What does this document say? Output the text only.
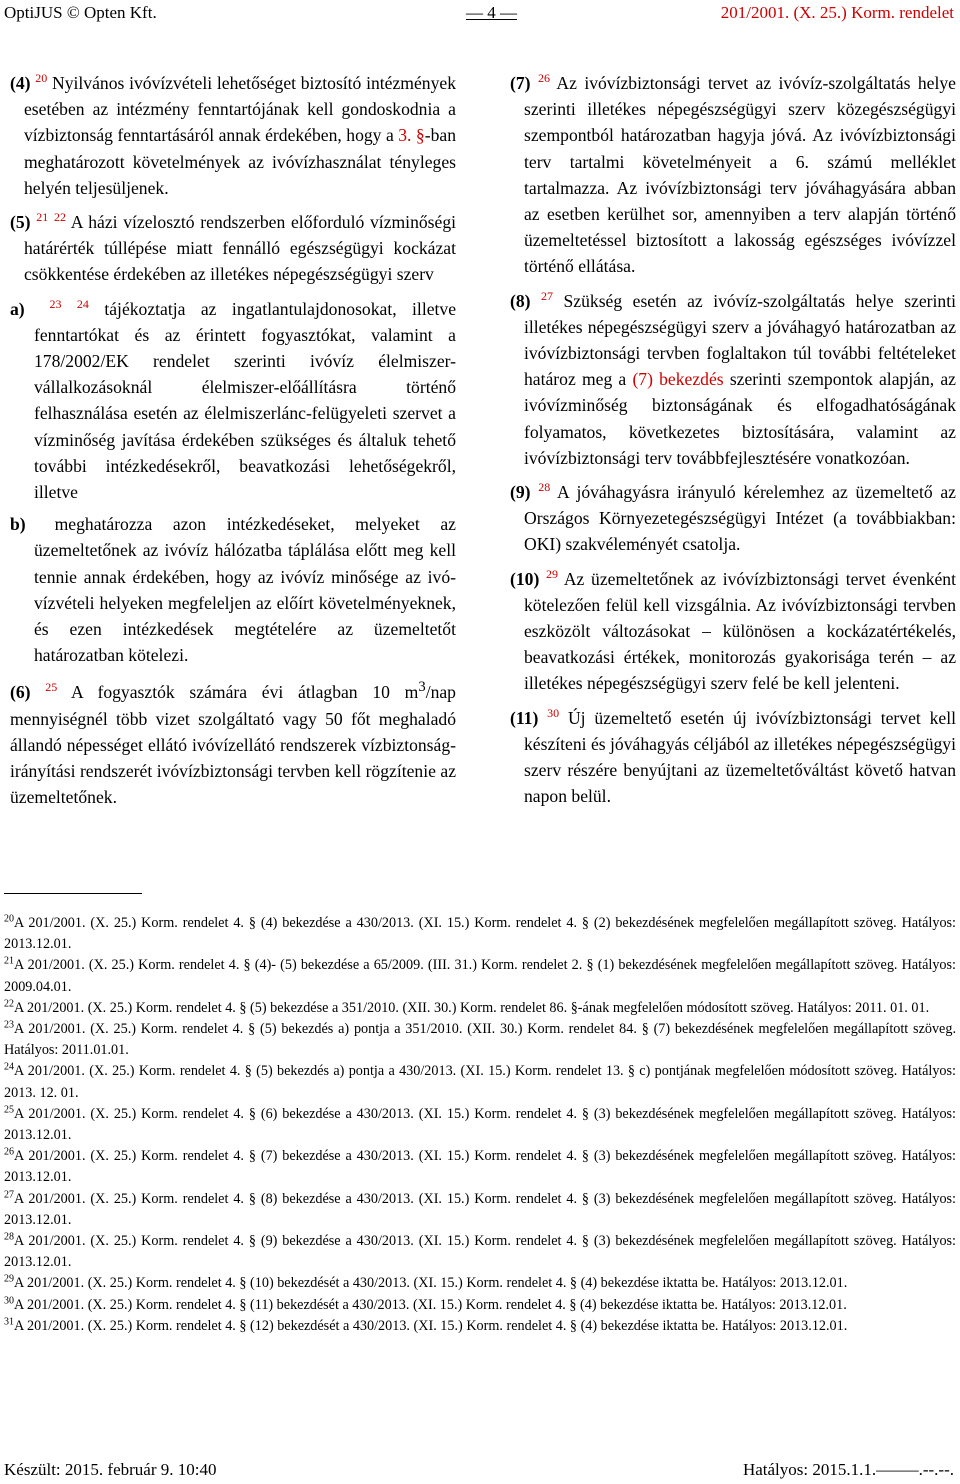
OptiJUS © Opten Kft.	— 4 —	201/2001. (X. 25.) Korm. rendelet

(4) $^{20}$ Nyilvános ivóvízvételi lehetőséget biztosító intézmények esetében az intézmény fenntartójának kell gondoskodnia a vízbiztonság fenntartásáról annak érdekében, hogy a 3. §-ban meghatározott követelmények az ivóvízhasználat tényleges helyén teljesüljenek.

(5) $^{21}$ $^{22}$ A házi vízelosztó rendszerben előforduló vízminőségi határérték túllépése miatt fennálló egészségügyi kockázat csökkentése érdekében az illetékes népegészségügyi szerv

a) $^{23}$ $^{24}$ tájékoztatja az ingatlantulajdonosokat, illetve fenntartókat és az érintett fogyasztókat, valamint a 178/2002/EK rendelet szerinti ivóvíz élelmiszer-vállalkozásoknál élelmiszer-előállításra történő felhasználása esetén az élelmiszerlánc-felügyeleti szervet a vízminőség javítása érdekében szükséges és általuk tehető további intézkedésekről, beavatkozási lehetőségekről, illetve

b) meghatározza azon intézkedéseket, melyeket az üzemeltetőnek az ivóvíz hálózatba táplálása előtt meg kell tennie annak érdekében, hogy az ivóvíz minősége az ivó-vízvételi helyeken megfeleljen az előírt követelményeknek, és ezen intézkedések megtételére az üzemeltetőt határozatban kötelezi.

(6) $^{25}$ A fogyasztók számára évi átlagban 10 $m^3$/nap mennyiségnél több vizet szolgáltató vagy 50 főt meghaladó állandó népességet ellátó ivóvízellátó rendszerek vízbiztonság-irányítási rendszerét ivóvízbiztonsági tervben kell rögzítenie az üzemeltetőnek.

(7) $^{26}$ Az ivóvízbiztonsági tervet az ivóvíz-szolgáltatás helye szerinti illetékes népegészségügyi szerv közegészségügyi szempontból határozatban hagyja jóvá. Az ivóvízbiztonsági terv tartalmi követelményeit a 6. számú melléklet tartalmazza. Az ivóvízbiztonsági terv jóváhagyására abban az esetben kerülhet sor, amennyiben a terv alapján történő üzemeltetéssel biztosított a lakosság egészséges ivóvízzel történő ellátása.

(8) $^{27}$ Szükség esetén az ivóvíz-szolgáltatás helye szerinti illetékes népegészségügyi szerv a jóváhagyó határozatban az ivóvízbiztonsági tervben foglaltakon túl további feltételeket határoz meg a (7) bekezdés szerinti szempontok alapján, az ivóvízminőség biztonságának és elfogadhatóságának folyamatos, következetes biztosítására, valamint az ivóvízbiztonsági terv továbbfejlesztésére vonatkozóan.

(9) $^{28}$ A jóváhagyásra irányuló kérelemhez az üzemeltető az Országos Környezetegészségügyi Intézet (a továbbiakban: OKI) szakvéleményét csatolja.

(10) $^{29}$ Az üzemeltetőnek az ivóvízbiztonsági tervet évenként kötelezően felül kell vizsgálnia. Az ivóvízbiztonsági tervben eszközölt változásokat – különösen a kockázatértékelés, beavatkozási értékek, monitorozás gyakorisága terén – az illetékes népegészségügyi szerv felé be kell jelenteni.

(11) $^{30}$ Új üzemeltető esetén új ivóvízbiztonsági tervet kell készíteni és jóváhagyás céljából az illetékes népegészségügyi szerv részére benyújtani az üzemeltetőváltást követő hatvan napon belül.

$^{20}$A 201/2001. (X. 25.) Korm. rendelet 4. § (4) bekezdése a 430/2013. (XI. 15.) Korm. rendelet 4. § (2) bekezdésének megfelelően megállapított szöveg. Hatályos: 2013.12.01.

$^{21}$A 201/2001. (X. 25.) Korm. rendelet 4. § (4)- (5) bekezdése a 65/2009. (III. 31.) Korm. rendelet 2. § (1) bekezdésének megfelelően megállapított szöveg. Hatályos: 2009.04.01.

$^{22}$A 201/2001. (X. 25.) Korm. rendelet 4. § (5) bekezdése a 351/2010. (XII. 30.) Korm. rendelet 86. §-ának megfelelően módosított szöveg. Hatályos: 2011. 01. 01.

$^{23}$A 201/2001. (X. 25.) Korm. rendelet 4. § (5) bekezdés a) pontja a 351/2010. (XII. 30.) Korm. rendelet 84. § (7) bekezdésének megfelelően megállapított szöveg. Hatályos: 2011.01.01.

$^{24}$A 201/2001. (X. 25.) Korm. rendelet 4. § (5) bekezdés a) pontja a 430/2013. (XI. 15.) Korm. rendelet 13. § c) pontjának megfelelően módosított szöveg. Hatályos: 2013. 12. 01.

$^{25}$A 201/2001. (X. 25.) Korm. rendelet 4. § (6) bekezdése a 430/2013. (XI. 15.) Korm. rendelet 4. § (3) bekezdésének megfelelően megállapított szöveg. Hatályos: 2013.12.01.

$^{26}$A 201/2001. (X. 25.) Korm. rendelet 4. § (7) bekezdése a 430/2013. (XI. 15.) Korm. rendelet 4. § (3) bekezdésének megfelelően megállapított szöveg. Hatályos: 2013.12.01.

$^{27}$A 201/2001. (X. 25.) Korm. rendelet 4. § (8) bekezdése a 430/2013. (XI. 15.) Korm. rendelet 4. § (3) bekezdésének megfelelően megállapított szöveg. Hatályos: 2013.12.01.

$^{28}$A 201/2001. (X. 25.) Korm. rendelet 4. § (9) bekezdése a 430/2013. (XI. 15.) Korm. rendelet 4. § (3) bekezdésének megfelelően megállapított szöveg. Hatályos: 2013.12.01.

$^{29}$A 201/2001. (X. 25.) Korm. rendelet 4. § (10) bekezdését a 430/2013. (XI. 15.) Korm. rendelet 4. § (4) bekezdése iktatta be. Hatályos: 2013.12.01.

$^{30}$A 201/2001. (X. 25.) Korm. rendelet 4. § (11) bekezdését a 430/2013. (XI. 15.) Korm. rendelet 4. § (4) bekezdése iktatta be. Hatályos: 2013.12.01.

$^{31}$A 201/2001. (X. 25.) Korm. rendelet 4. § (12) bekezdését a 430/2013. (XI. 15.) Korm. rendelet 4. § (4) bekezdése iktatta be. Hatályos: 2013.12.01.

Készült: 2015. február 9. 10:40	Hatályos: 2015.1.1.–––––.--.--.
